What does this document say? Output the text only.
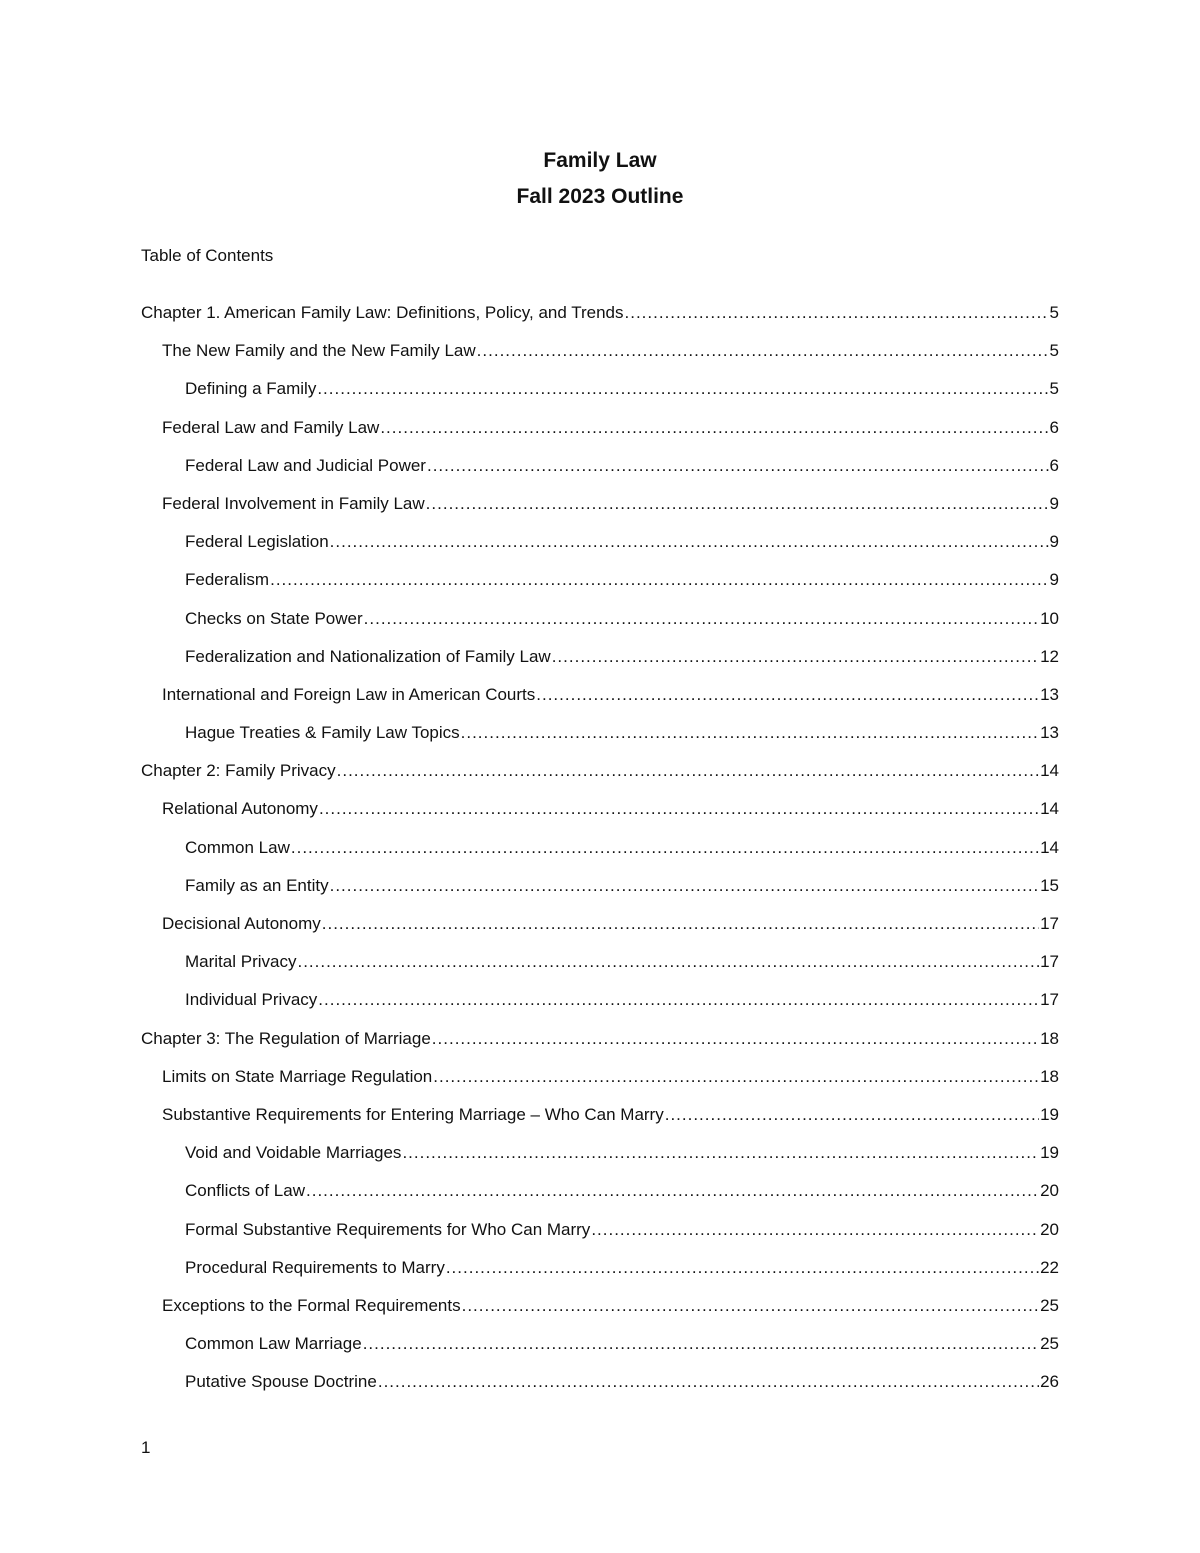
Family Law
Fall 2023 Outline
Table of Contents
Chapter 1. American Family Law: Definitions, Policy, and Trends .....	5
The New Family and the New Family Law .....	5
Defining a Family .....	5
Federal Law and Family Law .....	6
Federal Law and Judicial Power .....	6
Federal Involvement in Family Law .....	9
Federal Legislation .....	9
Federalism .....	9
Checks on State Power .....	10
Federalization and Nationalization of Family Law .....	12
International and Foreign Law in American Courts .....	13
Hague Treaties & Family Law Topics .....	13
Chapter 2: Family Privacy .....	14
Relational Autonomy .....	14
Common Law .....	14
Family as an Entity .....	15
Decisional Autonomy .....	17
Marital Privacy .....	17
Individual Privacy .....	17
Chapter 3: The Regulation of Marriage .....	18
Limits on State Marriage Regulation .....	18
Substantive Requirements for Entering Marriage – Who Can Marry .....	19
Void and Voidable Marriages .....	19
Conflicts of Law .....	20
Formal Substantive Requirements for Who Can Marry .....	20
Procedural Requirements to Marry .....	22
Exceptions to the Formal Requirements .....	25
Common Law Marriage .....	25
Putative Spouse Doctrine .....	26
1
